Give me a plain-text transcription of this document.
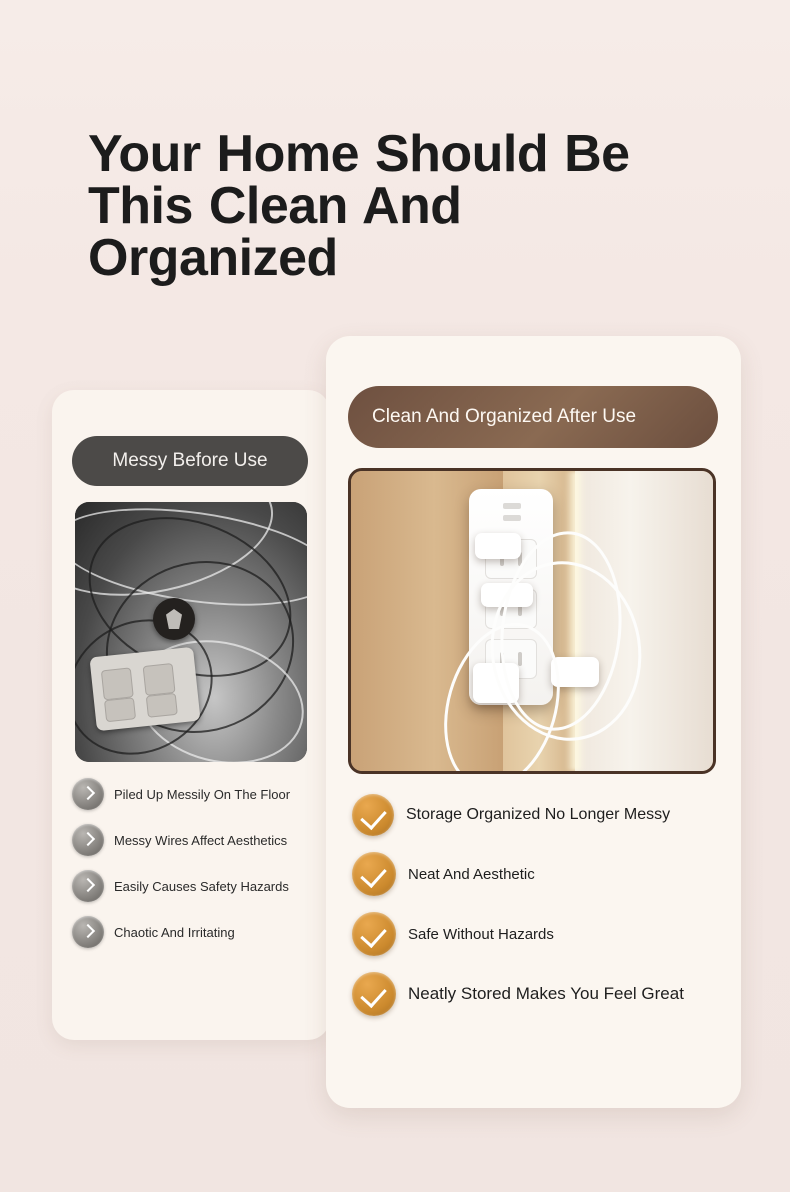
Your Home Should Be This Clean And Organized
Messy Before Use
Piled Up Messily On The Floor
Messy Wires Affect Aesthetics
Easily Causes Safety Hazards
Chaotic And Irritating
Clean And Organized After Use
Storage Organized No Longer Messy
Neat And Aesthetic
Safe Without Hazards
Neatly Stored Makes You Feel Great
